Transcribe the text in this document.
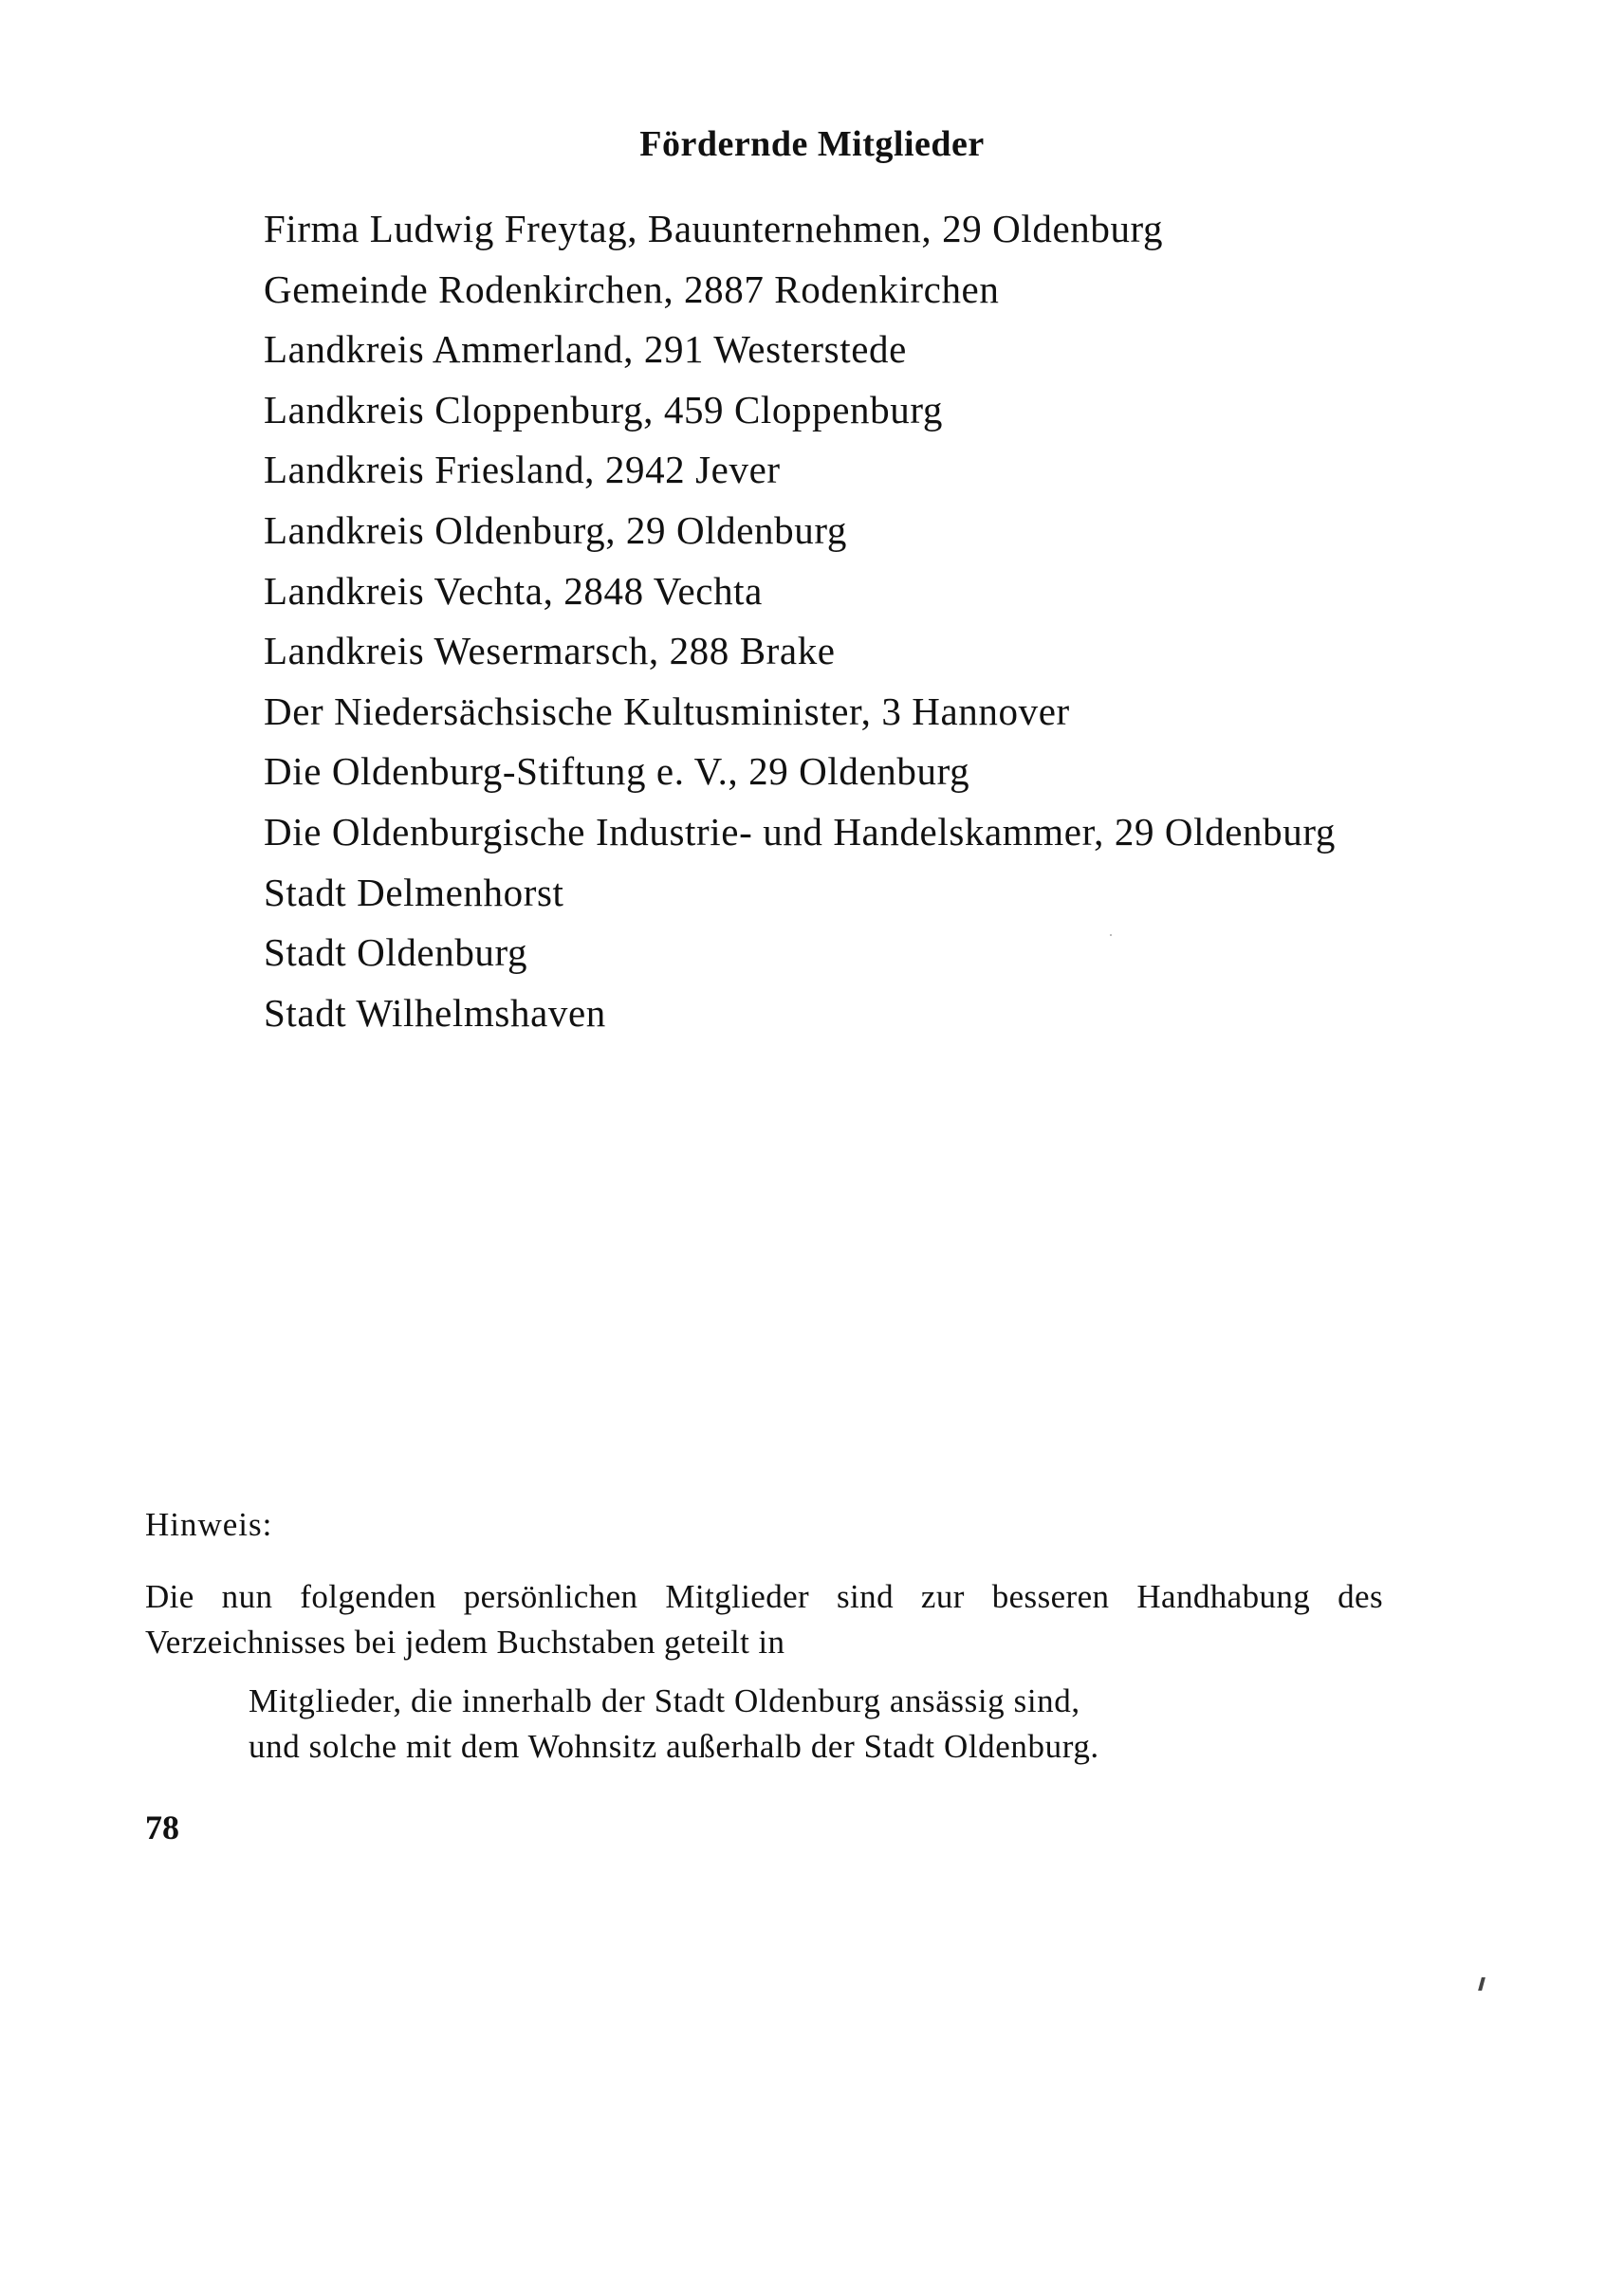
Fördernde Mitglieder
Firma Ludwig Freytag, Bauunternehmen, 29 Oldenburg
Gemeinde Rodenkirchen, 2887 Rodenkirchen
Landkreis Ammerland, 291 Westerstede
Landkreis Cloppenburg, 459 Cloppenburg
Landkreis Friesland, 2942 Jever
Landkreis Oldenburg, 29 Oldenburg
Landkreis Vechta, 2848 Vechta
Landkreis Wesermarsch, 288 Brake
Der Niedersächsische Kultusminister, 3 Hannover
Die Oldenburg-Stiftung e. V., 29 Oldenburg
Die Oldenburgische Industrie- und Handelskammer, 29 Oldenburg
Stadt Delmenhorst
Stadt Oldenburg
Stadt Wilhelmshaven

Hinweis:

Die nun folgenden persönlichen Mitglieder sind zur besseren Handhabung des
Verzeichnisses bei jedem Buchstaben geteilt in

Mitglieder, die innerhalb der Stadt Oldenburg ansässig sind,
und solche mit dem Wohnsitz außerhalb der Stadt Oldenburg.

78
